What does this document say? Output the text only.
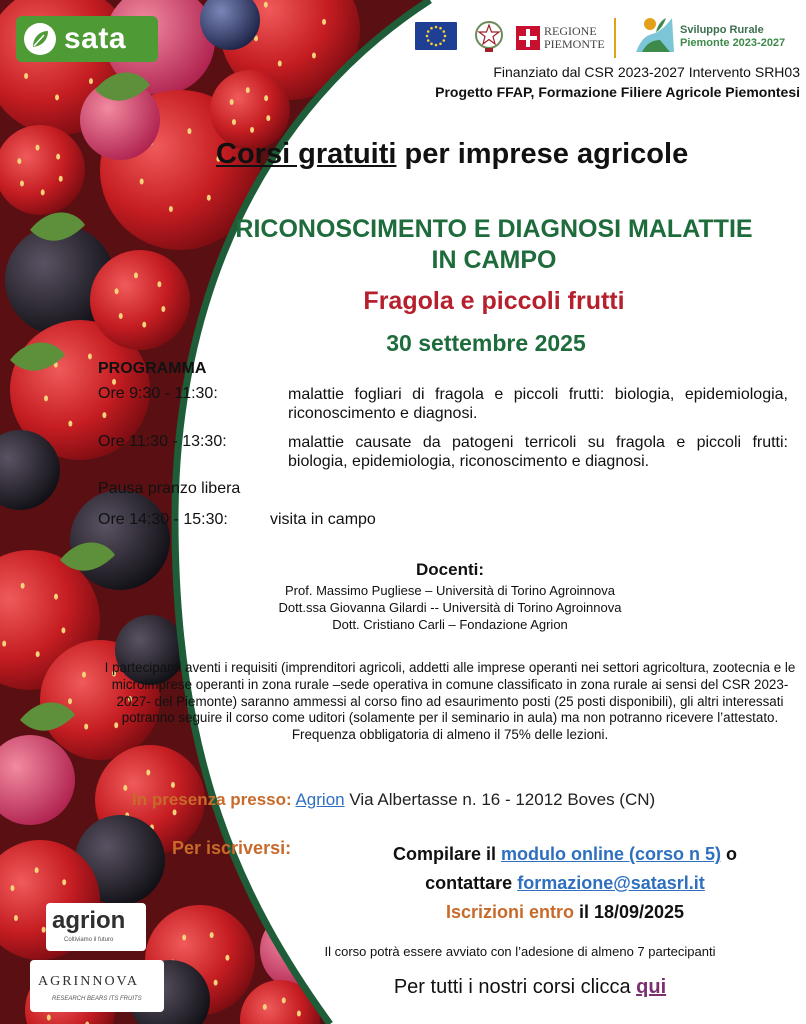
sata	REGIONE
PIEMONTE
Sviluppo Rurale
Piemonte 2023-2027
Finanziato dal CSR 2023-2027 Intervento SRH03
Progetto FFAP, Formazione Filiere Agricole Piemontesi
Corsi gratuiti per imprese agricole
RICONOSCIMENTO E DIAGNOSI MALATTIE
IN CAMPO
Fragola e piccoli frutti
30 settembre 2025
PROGRAMMA
Ore 9:30 - 11:30:	malattie fogliari di fragola e piccoli frutti: biologia, epidemiologia, riconoscimento e diagnosi.
Ore 11:30 - 13:30:	malattie causate da patogeni terricoli su fragola e piccoli frutti: biologia, epidemiologia, riconoscimento e diagnosi.
Pausa pranzo libera
Ore 14:30 - 15:30:	visita in campo
Docenti:
Prof. Massimo Pugliese – Università di Torino Agroinnova
Dott.ssa Giovanna Gilardi -- Università di Torino Agroinnova
Dott. Cristiano Carli – Fondazione Agrion
I partecipanti aventi i requisiti (imprenditori agricoli, addetti alle imprese operanti nei settori agricoltura, zootecnia e le microimprese operanti in zona rurale –sede operativa in comune classificato in zona rurale ai sensi del CSR 2023-2027- del Piemonte) saranno ammessi al corso fino ad esaurimento posti (25 posti disponibili), gli altri interessati potranno seguire il corso come uditori (solamente per il seminario in aula) ma non potranno ricevere l’attestato. Frequenza obbligatoria di almeno il 75% delle lezioni.
In presenza presso: Agrion Via Albertasse n. 16 - 12012 Boves (CN)
Per iscriversi:	Compilare il modulo online (corso n 5) o
contattare formazione@satasrl.it
Iscrizioni entro il 18/09/2025
Il corso potrà essere avviato con l’adesione di almeno 7 partecipanti
Per tutti i nostri corsi clicca qui
agrion
Coltiviamo il futuro
AGRINNOVA
RESEARCH BEARS ITS FRUITS
